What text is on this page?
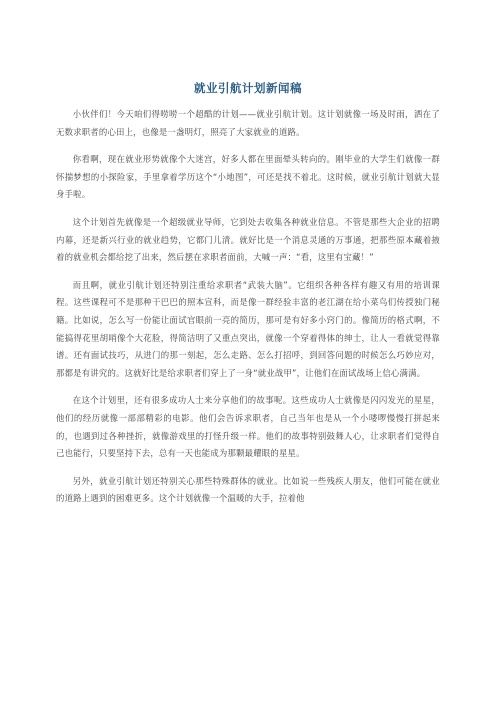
就业引航计划新闻稿

小伙伴们！今天咱们得唠唠一个超酷的计划——就业引航计划。这计划就像一场及时雨，洒在了无数求职者的心田上，也像是一盏明灯，照亮了大家就业的道路。

你看啊，现在就业形势就像个大迷宫，好多人都在里面晕头转向的。刚毕业的大学生们就像一群怀揣梦想的小探险家，手里拿着学历这个“小地图”，可还是找不着北。这时候，就业引航计划就大显身手啦。

这个计划首先就像是一个超级就业导师，它到处去收集各种就业信息。不管是那些大企业的招聘内幕，还是新兴行业的就业趋势，它都门儿清。就好比是一个消息灵通的万事通，把那些原本藏着掖着的就业机会都给挖了出来，然后摆在求职者面前，大喊一声：“看，这里有宝藏！”

而且啊，就业引航计划还特别注重给求职者“武装大脑”。它组织各种各样有趣又有用的培训课程。这些课程可不是那种干巴巴的照本宣科，而是像一群经验丰富的老江湖在给小菜鸟们传授独门秘籍。比如说，怎么写一份能让面试官眼前一亮的简历，那可是有好多小窍门的。像简历的格式啊，不能搞得花里胡哨像个大花脸，得简洁明了又重点突出，就像一个穿着得体的绅士，让人一看就觉得靠谱。还有面试技巧，从进门的那一刻起，怎么走路、怎么打招呼，到回答问题的时候怎么巧妙应对，那都是有讲究的。这就好比是给求职者们穿上了一身“就业战甲”，让他们在面试战场上信心满满。

在这个计划里，还有很多成功人士来分享他们的故事呢。这些成功人士就像是闪闪发光的星星，他们的经历就像一部部精彩的电影。他们会告诉求职者，自己当年也是从一个小喽啰慢慢打拼起来的，也遇到过各种挫折，就像游戏里的打怪升级一样。他们的故事特别鼓舞人心，让求职者们觉得自己也能行，只要坚持下去，总有一天也能成为那颗最耀眼的星星。

另外，就业引航计划还特别关心那些特殊群体的就业。比如说一些残疾人朋友，他们可能在就业的道路上遇到的困难更多。这个计划就像一个温暖的大手，拉着他
